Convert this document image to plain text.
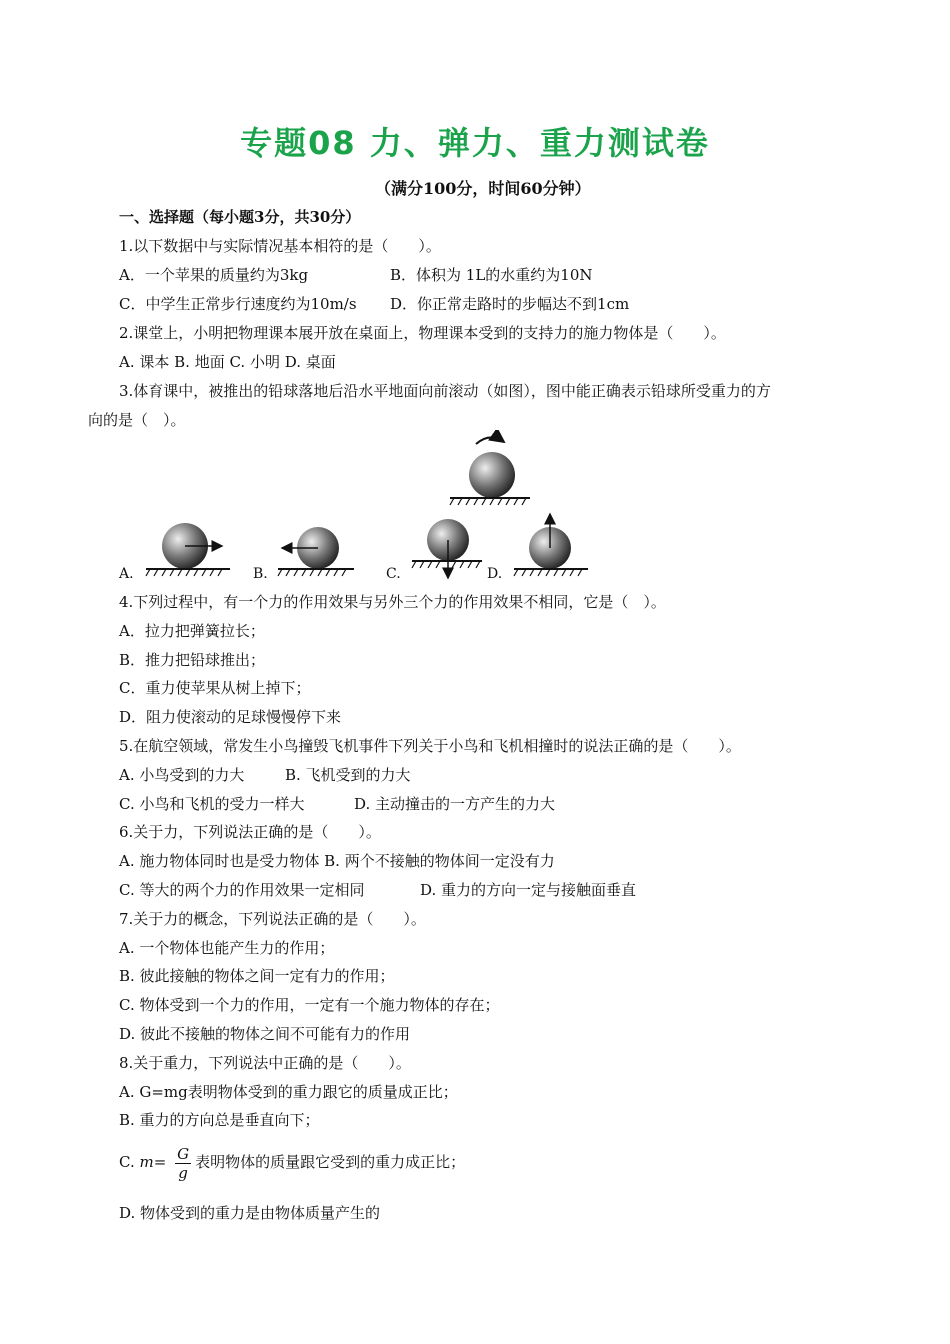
专题08 力、弹力、重力测试卷
（满分100分，时间60分钟）
一、选择题（每小题3分，共30分）
1.以下数据中与实际情况基本相符的是（　　）。
A．一个苹果的质量约为3kg	B．体积为 1L的水重约为10N
C．中学生正常步行速度约为10m/s D．你正常走路时的步幅达不到1cm
2.课堂上，小明把物理课本展开放在桌面上，物理课本受到的支持力的施力物体是（　　）。
A. 课本 B. 地面 C. 小明 D. 桌面
3.体育课中，被推出的铅球落地后沿水平地面向前滚动（如图），图中能正确表示铅球所受重力的方
向的是（　）。
A.	B.	C.	D.
4.下列过程中，有一个力的作用效果与另外三个力的作用效果不相同，它是（　）。
A．拉力把弹簧拉长；
B．推力把铅球推出；
C．重力使苹果从树上掉下；
D．阻力使滚动的足球慢慢停下来
5.在航空领域，常发生小鸟撞毁飞机事件下列关于小鸟和飞机相撞时的说法正确的是（　　）。
A. 小鸟受到的力大	B. 飞机受到的力大
C. 小鸟和飞机的受力一样大	D. 主动撞击的一方产生的力大
6.关于力，下列说法正确的是（　　）。
A. 施力物体同时也是受力物体 B. 两个不接触的物体间一定没有力
C. 等大的两个力的作用效果一定相同	D. 重力的方向一定与接触面垂直
7.关于力的概念，下列说法正确的是（　　）。
A. 一个物体也能产生力的作用；
B. 彼此接触的物体之间一定有力的作用；
C. 物体受到一个力的作用，一定有一个施力物体的存在；
D. 彼此不接触的物体之间不可能有力的作用
8.关于重力，下列说法中正确的是（　　）。
A. G=mg表明物体受到的重力跟它的质量成正比；
B. 重力的方向总是垂直向下；
C. $m= \frac{G}{g}$ 表明物体的质量跟它受到的重力成正比；
D. 物体受到的重力是由物体质量产生的
